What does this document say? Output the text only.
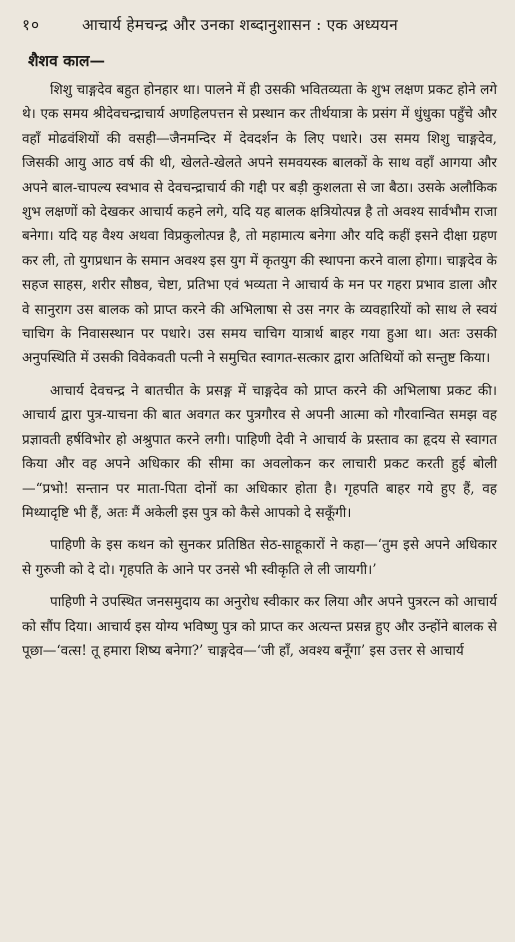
१०	आचार्य हेमचन्द्र और उनका शब्दानुशासन : एक अध्ययन
शैशव काल—

शिशु चाङ्गदेव बहुत होनहार था। पालने में ही उसकी भवितव्यता के शुभ लक्षण प्रकट होने लगे थे। एक समय श्रीदेवचन्द्राचार्य अणहिलपत्तन से प्रस्थान कर तीर्थयात्रा के प्रसंग में धुंधुका पहुँचे और वहाँ मोढवंशियों की वसही—जैनमन्दिर में देवदर्शन के लिए पधारे। उस समय शिशु चाङ्गदेव, जिसकी आयु आठ वर्ष की थी, खेलते-खेलते अपने समवयस्क बालकों के साथ वहाँ आगया और अपने बाल-चापल्य स्वभाव से देवचन्द्राचार्य की गद्दी पर बड़ी कुशलता से जा बैठा। उसके अलौकिक शुभ लक्षणों को देखकर आचार्य कहने लगे, यदि यह बालक क्षत्रियोत्पन्न है तो अवश्य सार्वभौम राजा बनेगा। यदि यह वैश्य अथवा विप्रकुलोत्पन्न है, तो महामात्य बनेगा और यदि कहीं इसने दीक्षा ग्रहण कर ली, तो युगप्रधान के समान अवश्य इस युग में कृतयुग की स्थापना करने वाला होगा। चाङ्गदेव के सहज साहस, शरीर सौष्ठव, चेष्टा, प्रतिभा एवं भव्यता ने आचार्य के मन पर गहरा प्रभाव डाला और वे सानुराग उस बालक को प्राप्त करने की अभिलाषा से उस नगर के व्यवहारियों को साथ ले स्वयं चाचिग के निवासस्थान पर पधारे। उस समय चाचिग यात्रार्थ बाहर गया हुआ था। अतः उसकी अनुपस्थिति में उसकी विवेकवती पत्नी ने समुचित स्वागत-सत्कार द्वारा अतिथियों को सन्तुष्ट किया।

आचार्य देवचन्द्र ने बातचीत के प्रसङ्ग में चाङ्गदेव को प्राप्त करने की अभिलाषा प्रकट की। आचार्य द्वारा पुत्र-याचना की बात अवगत कर पुत्रगौरव से अपनी आत्मा को गौरवान्वित समझ वह प्रज्ञावती हर्षविभोर हो अश्रुपात करने लगी। पाहिणी देवी ने आचार्य के प्रस्ताव का हृदय से स्वागत किया और वह अपने अधिकार की सीमा का अवलोकन कर लाचारी प्रकट करती हुई बोली—“प्रभो! सन्तान पर माता-पिता दोनों का अधिकार होता है। गृहपति बाहर गये हुए हैं, वह मिथ्यादृष्टि भी हैं, अतः मैं अकेली इस पुत्र को कैसे आपको दे सकूँगी।

पाहिणी के इस कथन को सुनकर प्रतिष्ठित सेठ-साहूकारों ने कहा—‘तुम इसे अपने अधिकार से गुरुजी को दे दो। गृहपति के आने पर उनसे भी स्वीकृति ले ली जायगी।’

पाहिणी ने उपस्थित जनसमुदाय का अनुरोध स्वीकार कर लिया और अपने पुत्ररत्न को आचार्य को सौंप दिया। आचार्य इस योग्य भविष्णु पुत्र को प्राप्त कर अत्यन्त प्रसन्न हुए और उन्होंने बालक से पूछा—‘वत्स! तू हमारा शिष्य बनेगा?’ चाङ्गदेव—‘जी हाँ, अवश्य बनूँगा’ इस उत्तर से आचार्य
